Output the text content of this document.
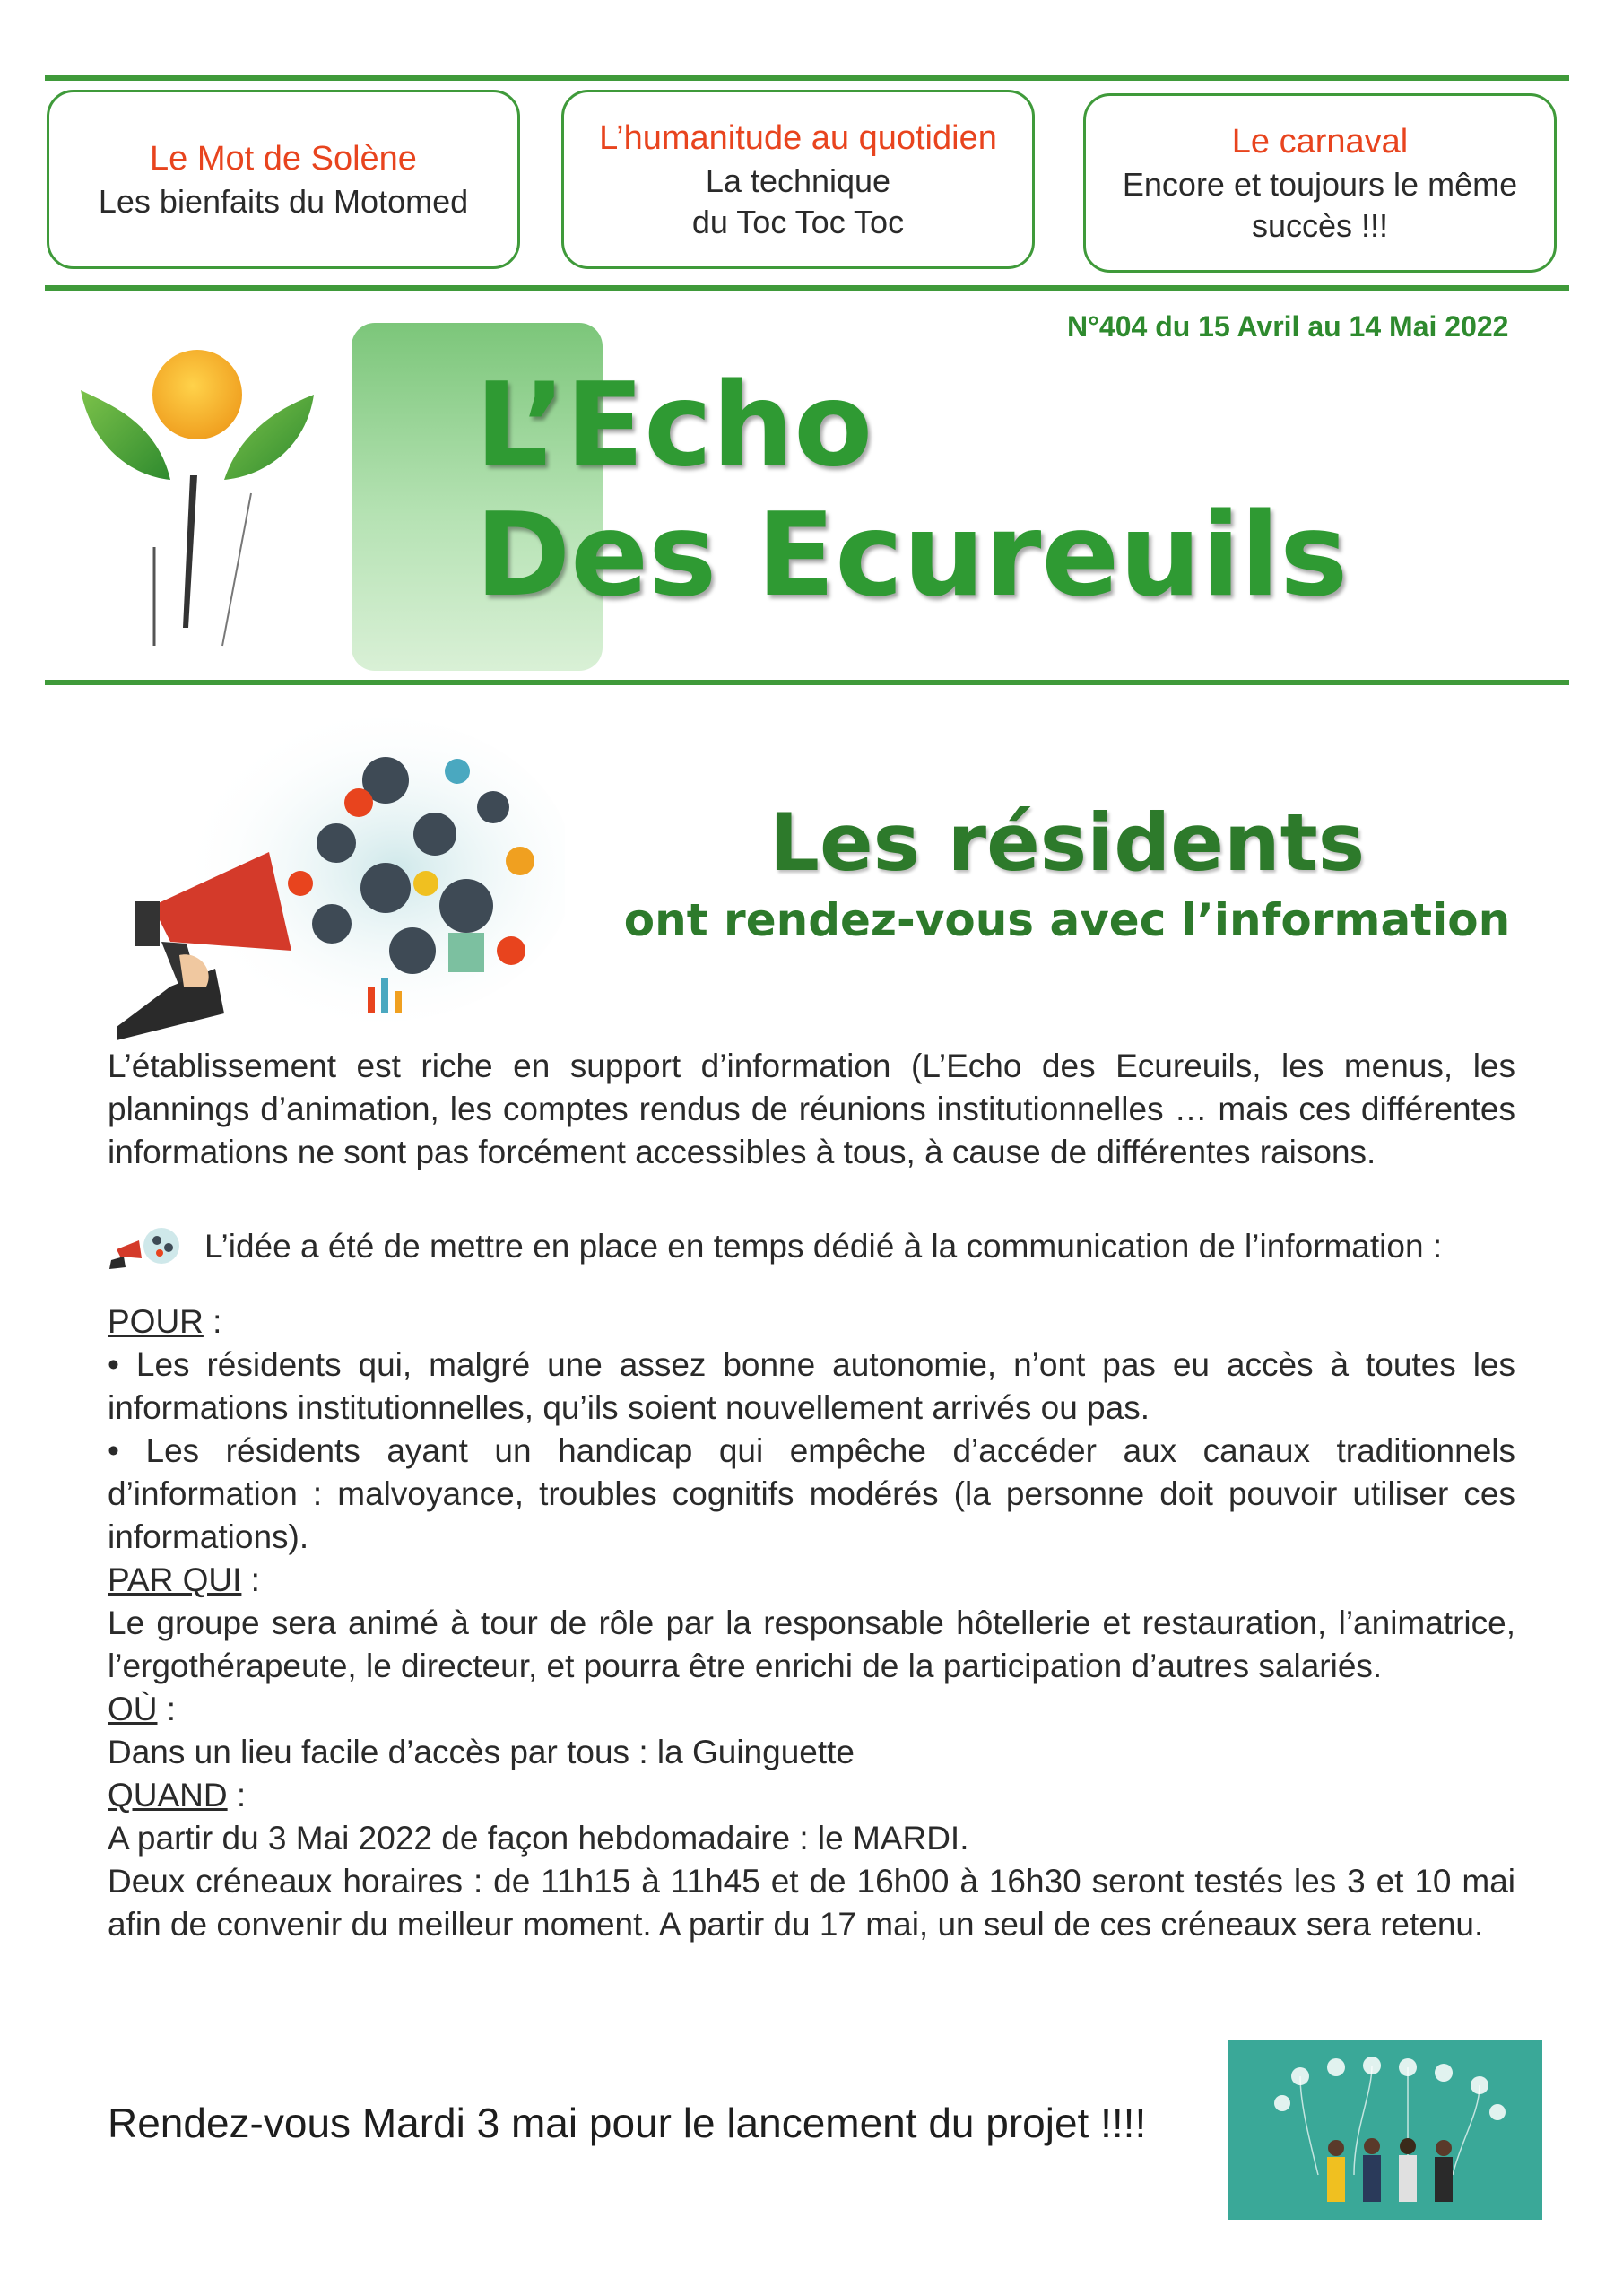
Le Mot de Solène
Les bienfaits du Motomed
L’humanitude au quotidien
La technique
du Toc Toc Toc
Le carnaval
Encore et toujours le même
succès !!!
N°404 du 15 Avril au 14 Mai 2022
L’Echo
Des Ecureuils
Les résidents
ont rendez-vous avec l’information

L’établissement est riche en support d’information (L’Echo des Ecureuils, les menus, les plannings d’animation, les comptes rendus de réunions institutionnelles … mais ces différentes informations ne sont pas forcément accessibles à tous, à cause de différentes raisons.

L’idée a été de mettre en place en temps dédié à la communication de l’information :

POUR :

• Les résidents qui, malgré une assez bonne autonomie, n’ont pas eu accès à toutes les informations institutionnelles, qu’ils soient nouvellement arrivés ou pas.

• Les résidents ayant un handicap qui empêche d’accéder aux canaux traditionnels d’information : malvoyance, troubles cognitifs modérés (la personne doit pouvoir utiliser ces informations).

PAR QUI :

Le groupe sera animé à tour de rôle par la responsable hôtellerie et restauration, l’animatrice, l’ergothérapeute, le directeur, et pourra être enrichi de la participation d’autres salariés.

OÙ :

Dans un lieu facile d’accès par tous : la Guinguette

QUAND :

A partir du 3 Mai 2022 de façon hebdomadaire : le MARDI.

Deux créneaux horaires : de 11h15 à 11h45 et de 16h00 à 16h30 seront testés les 3 et 10 mai afin de convenir du meilleur moment. A partir du 17 mai, un seul de ces créneaux sera retenu.

Rendez-vous Mardi 3 mai pour le lancement du projet !!!!
